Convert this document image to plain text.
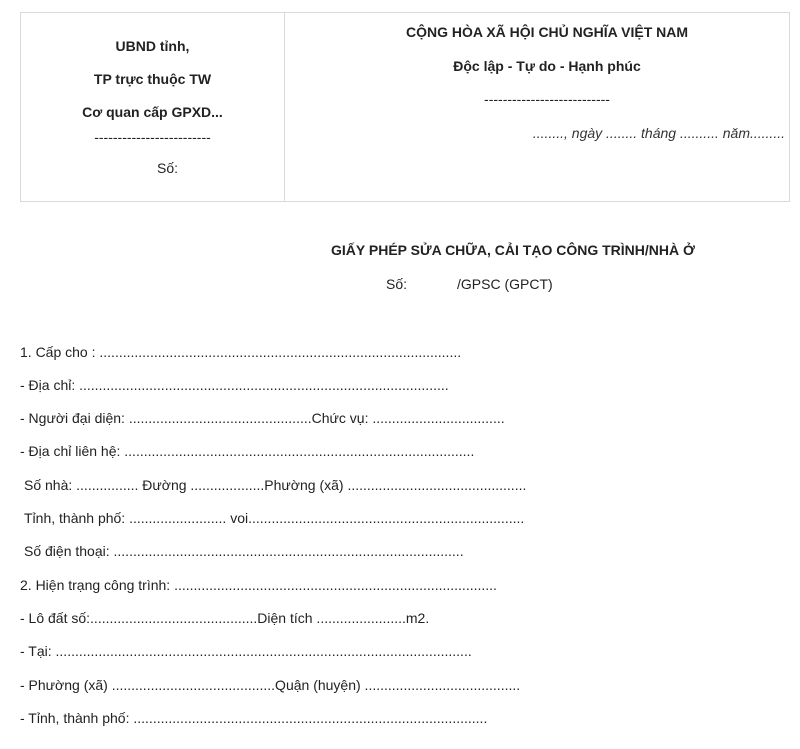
UBND tỉnh,
TP trực thuộc TW
Cơ quan cấp GPXD...
-------------------------
Số:
CỘNG HÒA XÃ HỘI CHỦ NGHĨA VIỆT NAM
Độc lập - Tự do - Hạnh phúc
---------------------------
........, ngày ........ tháng .......... năm.........
GIẤY PHÉP SỬA CHỮA, CẢI TẠO CÔNG TRÌNH/NHÀ Ở
Số:	/GPSC (GPCT)
1. Cấp cho : .............................................................................................
- Địa chỉ: ...............................................................................................
- Người đại diện: ...............................................Chức vụ: ..................................
- Địa chỉ liên hệ: ..........................................................................................
Số nhà: ................ Đường ...................Phường (xã) ..............................................
Tỉnh, thành phố: ......................... voi.......................................................................
Số điện thoại: ..........................................................................................
2. Hiện trạng công trình: ...................................................................................
- Lô đất số:...........................................Diện tích .......................m2.
- Tại: ...........................................................................................................
- Phường (xã) ..........................................Quận (huyện) ........................................
- Tỉnh, thành phố: ...........................................................................................
